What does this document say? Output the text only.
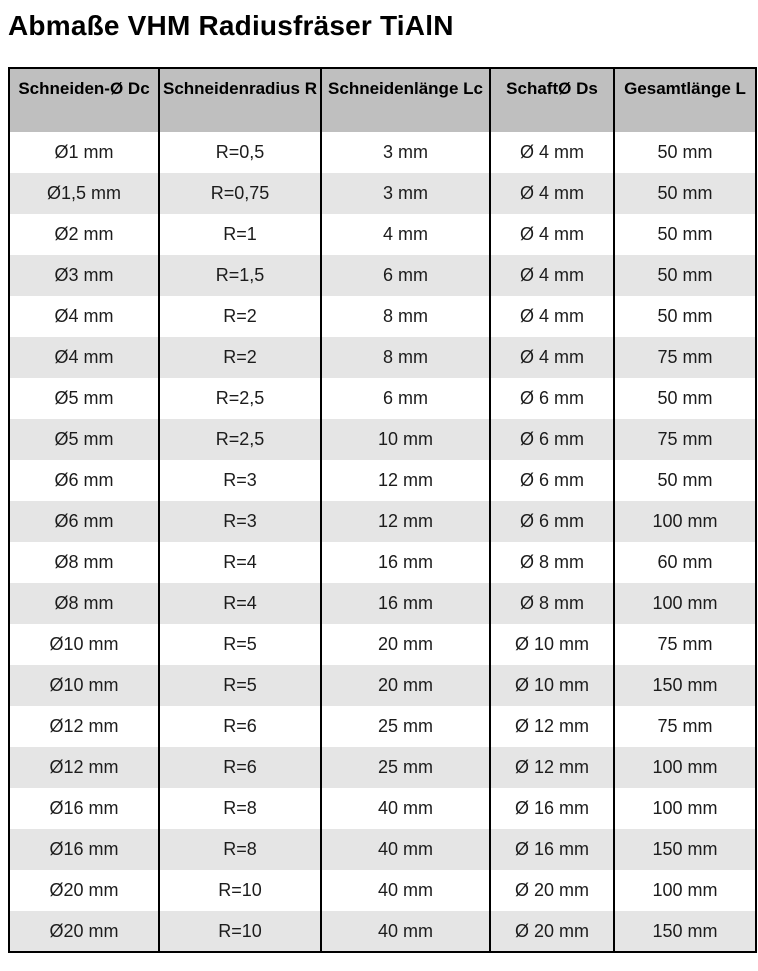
Abmaße VHM Radiusfräser TiAlN
Schneiden-Ø Dc	Schneidenradius R	Schneidenlänge Lc	SchaftØ Ds	Gesamtlänge L
Ø1 mm	R=0,5	3 mm	Ø 4 mm	50 mm
Ø1,5 mm	R=0,75	3 mm	Ø 4 mm	50 mm
Ø2 mm	R=1	4 mm	Ø 4 mm	50 mm
Ø3 mm	R=1,5	6 mm	Ø 4 mm	50 mm
Ø4 mm	R=2	8 mm	Ø 4 mm	50 mm
Ø4 mm	R=2	8 mm	Ø 4 mm	75 mm
Ø5 mm	R=2,5	6 mm	Ø 6 mm	50 mm
Ø5 mm	R=2,5	10 mm	Ø 6 mm	75 mm
Ø6 mm	R=3	12 mm	Ø 6 mm	50 mm
Ø6 mm	R=3	12 mm	Ø 6 mm	100 mm
Ø8 mm	R=4	16 mm	Ø 8 mm	60 mm
Ø8 mm	R=4	16 mm	Ø 8 mm	100 mm
Ø10 mm	R=5	20 mm	Ø 10 mm	75 mm
Ø10 mm	R=5	20 mm	Ø 10 mm	150 mm
Ø12 mm	R=6	25 mm	Ø 12 mm	75 mm
Ø12 mm	R=6	25 mm	Ø 12 mm	100 mm
Ø16 mm	R=8	40 mm	Ø 16 mm	100 mm
Ø16 mm	R=8	40 mm	Ø 16 mm	150 mm
Ø20 mm	R=10	40 mm	Ø 20 mm	100 mm
Ø20 mm	R=10	40 mm	Ø 20 mm	150 mm
